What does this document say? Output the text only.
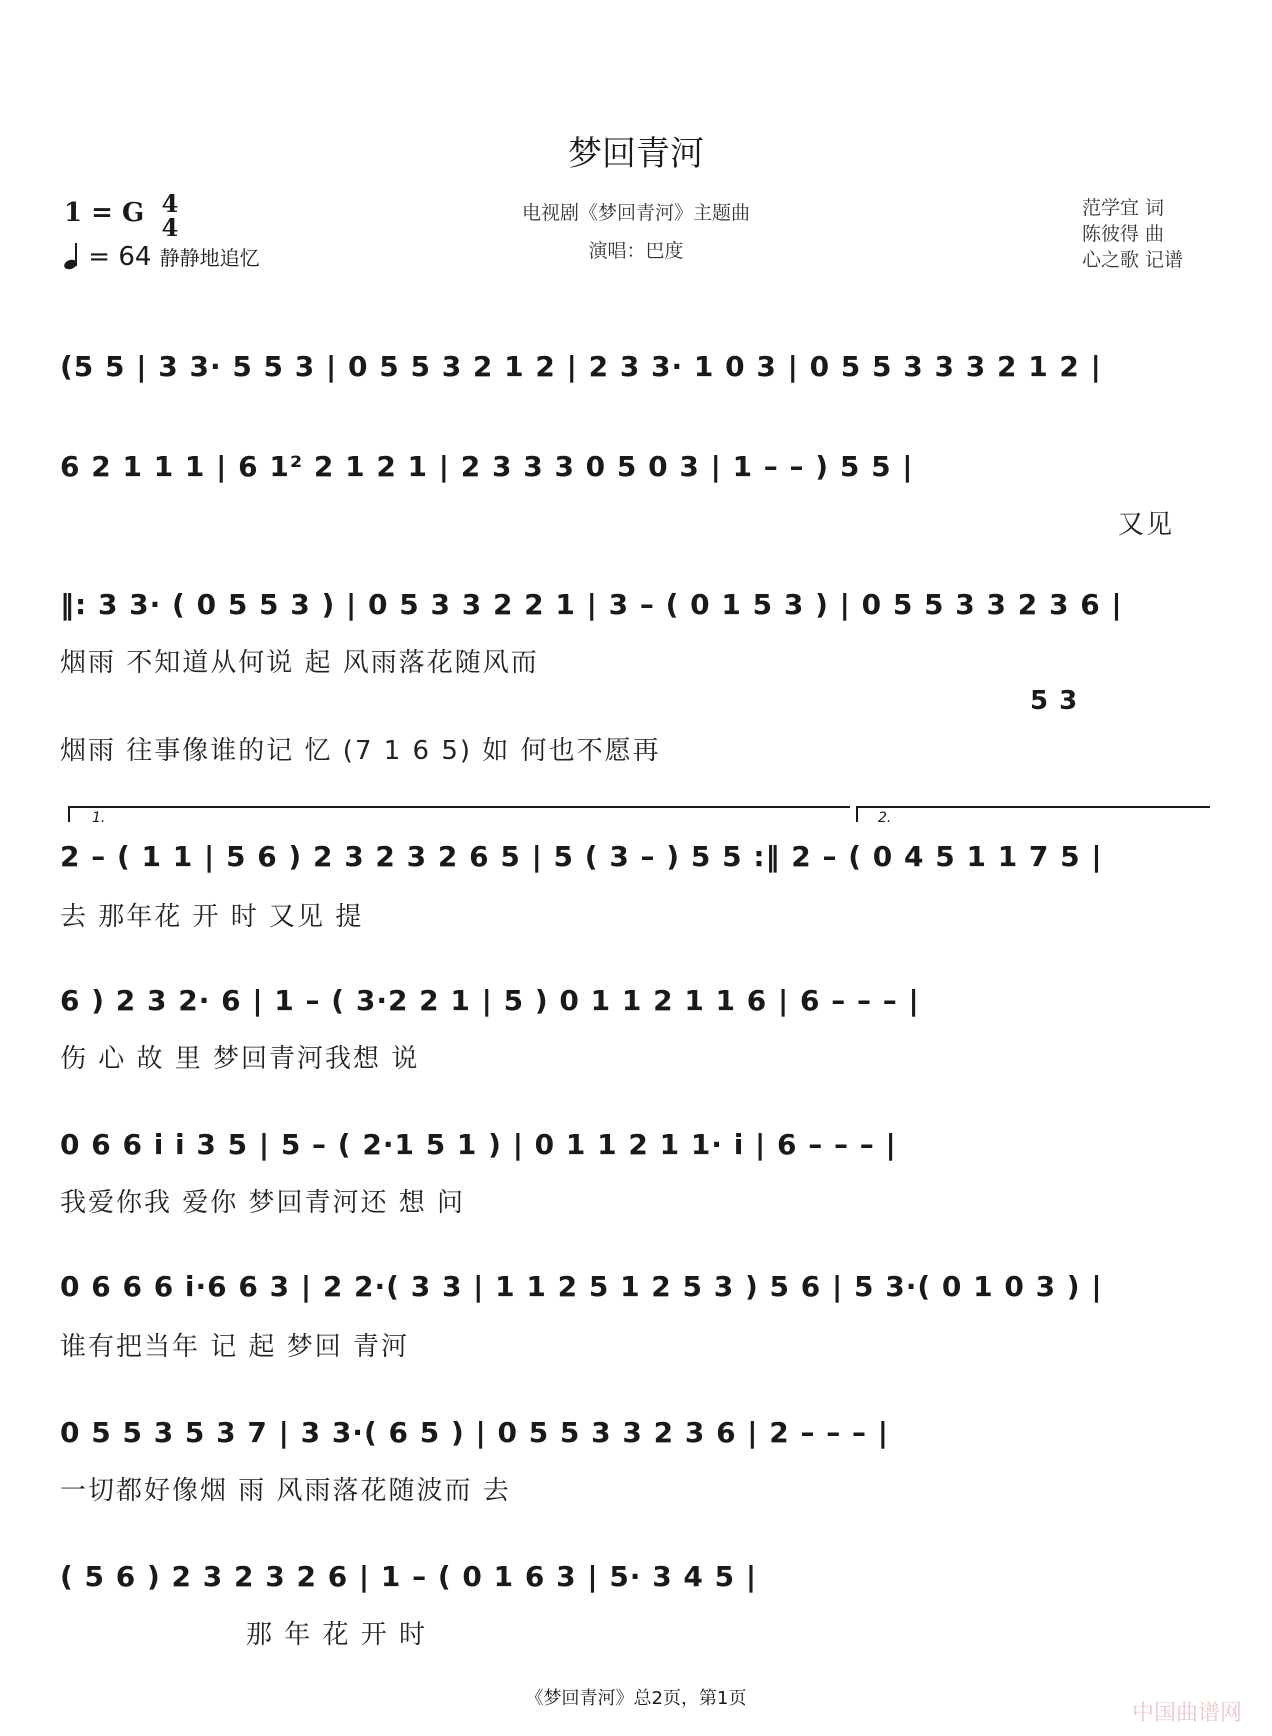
梦回青河
1 = G 4
4
= 64 静静地追忆
电视剧《梦回青河》主题曲
演唱：巴度
范学宜 词
陈彼得 曲
心之歌 记谱
(5 5 | 3 3· 5 5 3 | 0 5 5 3 2 1 2 | 2 3 3· 1 0 3 | 0 5 5 3 3 3 2 1 2 |
6 2 1 1 1 | 6 1² 2 1 2 1 | 2 3 3 3 0 5 0 3 | 1 – – ) 5 5 |
又见
‖: 3 3· ( 0 5 5 3 ) | 0 5 3 3 2 2 1 | 3 – ( 0 1 5 3 ) | 0 5 5 3 3 2 3 6 |
烟雨 不知道从何说 起 风雨落花随风而
5 3
烟雨 往事像谁的记 忆 (7 1 6 5) 如 何也不愿再
1.	2.
2 – ( 1 1 | 5 6 ) 2 3 2 3 2 6 5 | 5 ( 3 – ) 5 5 :‖ 2 – ( 0 4 5 1 1 7 5 |
去 那年花 开 时 又见 提
6 ) 2 3 2· 6 | 1 – ( 3·2 2 1 | 5 ) 0 1 1 2 1 1 6 | 6 – – – |
伤 心 故 里 梦回青河我想 说
0 6 6 i i 3 5 | 5 – ( 2·1 5 1 ) | 0 1 1 2 1 1· i | 6 – – – |
我爱你我 爱你 梦回青河还 想 问
0 6 6 6 i·6 6 3 | 2 2·( 3 3 | 1 1 2 5 1 2 5 3 ) 5 6 | 5 3·( 0 1 0 3 ) |
谁有把当年 记 起 梦回 青河
0 5 5 3 5 3 7 | 3 3·( 6 5 ) | 0 5 5 3 3 2 3 6 | 2 – – – |
一切都好像烟 雨 风雨落花随波而 去
( 5 6 ) 2 3 2 3 2 6 | 1 – ( 0 1 6 3 | 5· 3 4 5 |
那 年 花 开 时
《梦回青河》总2页，第1页
中国曲谱网
